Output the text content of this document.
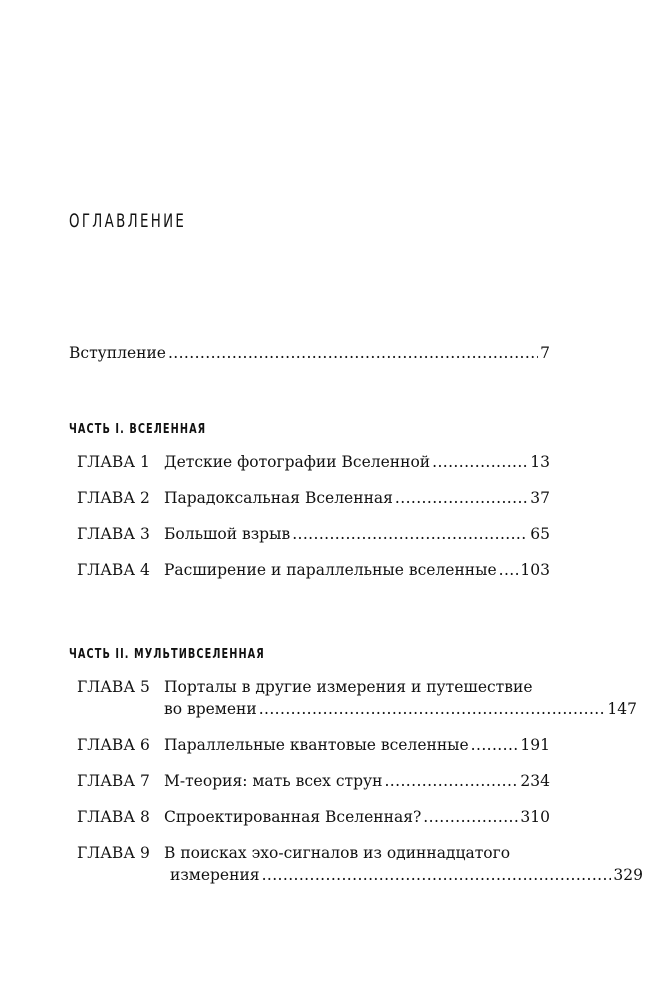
ОГЛАВЛЕНИЕ
Вступление .....	7
ЧАСТЬ I. ВСЕЛЕННАЯ
ГЛАВА 1 Детские фотографии Вселенной .....	13
ГЛАВА 2 Парадоксальная Вселенная .....	37
ГЛАВА 3 Большой взрыв .....	65
ГЛАВА 4 Расширение и параллельные вселенные ..... 103
ЧАСТЬ II. МУЛЬТИВСЕЛЕННАЯ
ГЛАВА 5 Порталы в другие измерения и путешествие
во времени .....	147
ГЛАВА 6 Параллельные квантовые вселенные .....	191
ГЛАВА 7 М-теория: мать всех струн .....	234
ГЛАВА 8 Спроектированная Вселенная? .....	310
ГЛАВА 9 В поисках эхо-сигналов из одиннадцатого
измерения .....	329
